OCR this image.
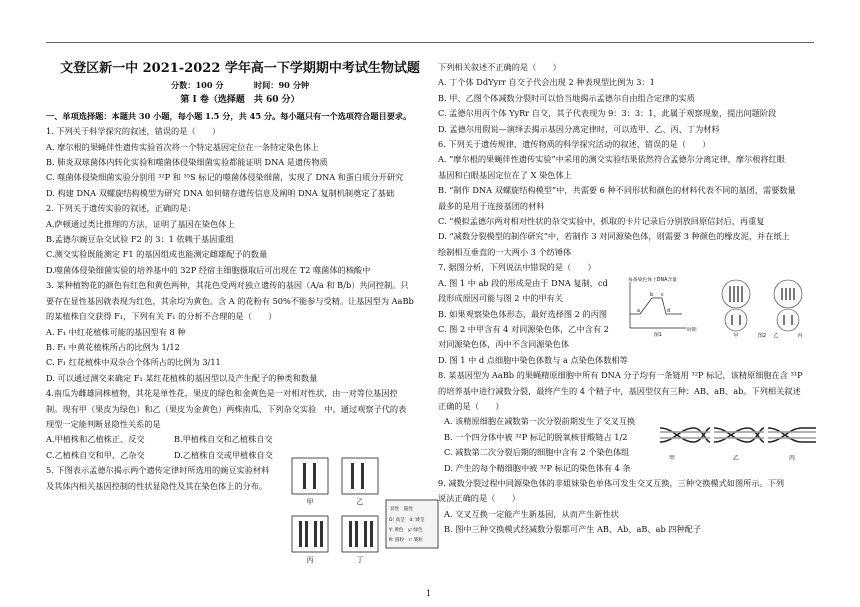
文登区新一中 2021-2022 学年高一下学期期中考试生物试题

分数：100 分    	时间：90 分钟

第 I 卷（选择题　共 60 分）

一、单项选择题：本题共 30 小题，每小题 1.5 分，共 45 分。每小题只有一个选项符合题目要求。

1. 下列关于科学探究的叙述，错误的是（　　）

A. 摩尔根的果蝇伴性遗传实验首次将一个特定基因定位在一条特定染色体上

B. 肺炎双球菌体内转化实验和噬菌体侵染细菌实验都能证明 DNA 是遗传物质

C. 噬菌体侵染细菌实验分别用 ³²P 和 ³⁵S 标记的噬菌体侵染细菌，实现了 DNA 和蛋白质分开研究

D. 构建 DNA 双螺旋结构模型为研究 DNA 如何储存遗传信息及阐明 DNA 复制机制奠定了基础

2. 下列关于遗传实验的叙述，正确的是：

A.萨顿通过类比推理的方法，证明了基因在染色体上

B.孟德尔豌豆杂交试验 F2 的 3：1 依赖于基因重组

C.测交实验既能测定 F1 的基因组成也能测定雌雄配子的数量

D.噬菌体侵染细菌实验的培养基中的 32P 经宿主细胞摄取后可出现在 T2 噬菌体的核酸中

3. 某种植物花的颜色有红色和黄色两种，其花色受两对独立遗传的基因（A/a 和 B/b）共同控制。只

要存在显性基因就表现为红色，其余均为黄色。含 A 的花粉有 50%不能参与受精。让基因型为 AaBb

的某植株自交获得 F₁，下列有关 F₁ 的分析不合理的是（　　）

A. F₁ 中红花植株可能的基因型有 8 种

B. F₁ 中黄花植株所占的比例为 1/12

C. F₁ 红花植株中双杂合个体所占的比例为 3/11

D. 可以通过测交来确定 F₁ 某红花植株的基因型以及产生配子的种类和数量

4.南瓜为雌雄同株植物，其花是单性花，果皮的绿色和金黄色是一对相对性状，由一对等位基因控

制。现有甲（果皮为绿色）和乙（果皮为金黄色）两株南瓜，下列杂交实验　中，通过观察子代的表

现型一定能判断显隐性关系的是

A.甲植株和乙植株正、反交	B.甲植株自交和乙植株自交

C.乙植株自交和甲、乙杂交	D.乙植株自交或甲植株自交

5. 下图表示孟德尔揭示两个遗传定律时所选用的豌豆实验材料

及其体内相关基因控制的性状显隐性及其在染色体上的分布。

甲	乙
丙	丁
显性　隐性
D: 高茎　d: 矮茎
Y: 黄色　y: 绿色
R: 圆粒　r: 皱粒

下列相关叙述不正确的是（　　）

A. 丁个体 DdYyrr 自交子代会出现 2 种表现型比例为 3：1

B. 甲、乙图个体减数分裂时可以恰当地揭示孟德尔自由组合定律的实质

C. 孟德尔用丙个体 YyRr 自交，其子代表现为 9：3：3：1，此属于观察现象，提出问题阶段

D. 孟德尔用假说—演绎去揭示基因分离定律时，可以选甲、乙、丙、丁为材料

6. 下列关于遗传规律、遗传物质的科学探究活动的叙述，错误的是（　　）

A. “摩尔根的果蝇伴性遗传实验”中采用的测交实验结果依然符合孟德尔分离定律，摩尔根将红眼

基因和白眼基因定位在了 X 染色体上

B. “制作 DNA 双螺旋结构模型”中，共需要 6 种不同形状和颜色的材料代表不同的基团，需要数量

最多的是用于连接基团的材料

C. “模拟孟德尔两对相对性状的杂交实验中，抓取的卡片记录后分别放回原信封后，再重复

D. “减数分裂模型的制作研究”中，若制作 3 对同源染色体，则需要 3 种颜色的橡皮泥，并在纸上

绘制相互垂直的一大两小 3 个纺锤体

7. 据图分析，下列说法中错误的是（　　）

A. 图 1 中 ab 段的形成是由于 DNA 复制，cd

段形成原因可能与图 2 中的甲有关

B. 如果观察染色体形态，最好选择图 2 的丙图

C. 图 2 中甲含有 4 对同源染色体，乙中含有 2

对同源染色体，丙中不含同源染色体

D. 图 1 中 d 点细胞中染色体数与 a 点染色体数相等

8. 某基因型为 AaBb 的果蝇精原细胞中所有 DNA 分子均有一条链用 ³²P 标记，该精原细胞在含 ³¹P

的培养基中进行减数分裂，最终产生的 4 个精子中，基因型仅有三种：AB、aB、ab。下列相关叙述

正确的是（　　）

A. 该精原细胞在减数第一次分裂前期发生了交叉互换

B. 一个四分体中被 ³²P 标记的脱氧核苷酸链占 1/2

C. 减数第二次分裂后期的细胞中含有 2 个染色体组

D. 产生的每个精细胞中被 ³²P 标记的染色体有 4 条

9. 减数分裂过程中同源染色体的非姐妹染色单体可发生交叉互换，三种交换模式如图所示。下列

说法正确的是（　　）

A. 交叉互换一定能产生新基因，从而产生新性状

B. 图中三种交换模式经减数分裂都可产生 AB、Ab、aB、ab 四种配子

每条染色体上DNA含量
时期
a
b c
d
图1	甲	图2 乙	丙
甲	乙	丙
1
